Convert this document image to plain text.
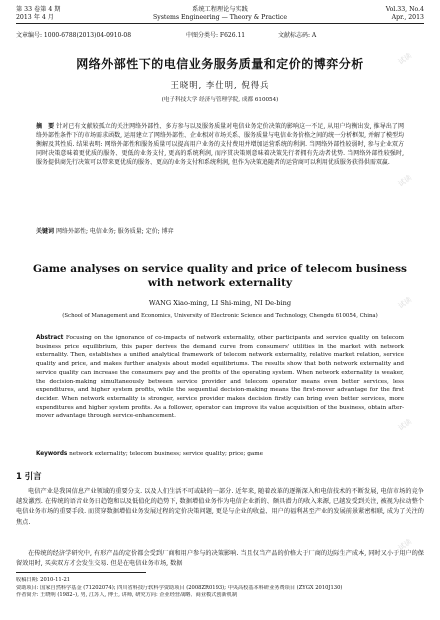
第 33 卷第 4 期
2013 年 4 月
系统工程理论与实践
Systems Engineering — Theory & Practice
Vol.33, No.4
Apr., 2013
文章编号: 1000-6788(2013)04-0910-08	中图分类号: F626.11	文献标志码: A
网络外部性下的电信业务服务质量和定价的博弈分析
王晓明, 李仕明, 倪得兵
(电子科技大学 经济与管理学院, 成都 610054)
摘　要 针对已有文献较孤立的关注网络外部性、多方参与以及服务质量对电信业务定价决策的影响这一不足, 从用户均衡出发, 推导出了网络外部性条件下的市场需求函数, 运用建立了网络外部性、企业相对市场关系、服务质量与电信业务价格之间的统一分析框架, 并解了模型均衡解及其性质. 结果表明: 网络外部性和服务质量可以提高用户业务的支付费用并增加运营系统的利润. 当网络外部性较弱时, 参与企业双方同时决策意味着更优质的服务、更低的业务支付, 更高的系统利润, 而序贯决策则意味着决策先行者拥有先动者优势. 当网络外部性较强时, 服务提供商先行决策可以带来更优质的服务、更高的业务支付和系统利润, 但作为决策追随者的运营商可以利用优质服务获得供需双赢.
关键词 网络外部性; 电信业务; 服务质量; 定价; 博弈
Game analyses on service quality and price of telecom business with network externality
WANG Xiao-ming, LI Shi-ming, NI De-bing
(School of Management and Economics, University of Electronic Science and Technology, Chengdu 610054, China)
Abstract Focusing on the ignorance of co-impacts of network externality, other participants and service quality on telecom business price equilibrium, this paper derives the demand curve from consumers' utilities in the market with network externality. Then, establishes a unified analytical framework of telecom network externality, relative market relation, service quality and price, and makes further analysis about model equilibriums. The results show that both network externality and service quality can increase the consumers pay and the profits of the operating system. When network externality is weaker, the decision-making simultaneously between service provider and telecom operator means even better services, less expenditures, and higher system profits, while the sequential decision-making means the first-mover advantage for the first decider. When network externality is stronger, service provider makes decision firstly can bring even better services, more expenditures and higher system profits. As a follower, operator can improve its value acquisition of the business, obtain after-mover advantage through service-enhancement.
Keywords network externality; telecom business; service quality; price; game
1 引言
电信产业是我国信息产业领域的重要分支. 以及人们生活不可或缺的一部分. 近年来, 随着改革的逐渐深入和电信技术的不断发展, 电信市场的竞争越发激烈. 在传统的语音业务日趋饱和以及低值化的趋势下, 数据增值业务作为电信企业新的、颇具潜力的收入来源, 已越发受到关注, 被视为拉动整个电信业务市场的重要手段. 而贯穿数据增值业务发展过程的定价决策问题, 更是与企业的收益、用户的福利甚至产业的发展前景紧密相联, 成为了关注的焦点.
在传统的经济学研究中, 有形产品的定价都会受到厂商和用户参与的决策影响. 当且仅当产品的价格大于厂商的边际生产成本, 同时又小于用户的保留效用时, 买卖双方才会发生交易. 但是在电信业务市场, 数据
收稿日期: 2010-11-21
资助项目: 国家自然科学基金 (71202074); 四川省科技厅软科学资助项目 (2008ZR0193); 中央高校基本科研业务费项目 (ZYGX 2010J130)
作者简介: 王晓明 (1982–), 男, 江苏人, 博士, 讲师, 研究方向: 企业经营战略、商业模式创新机制
试读
试读
试读
试读
试读
